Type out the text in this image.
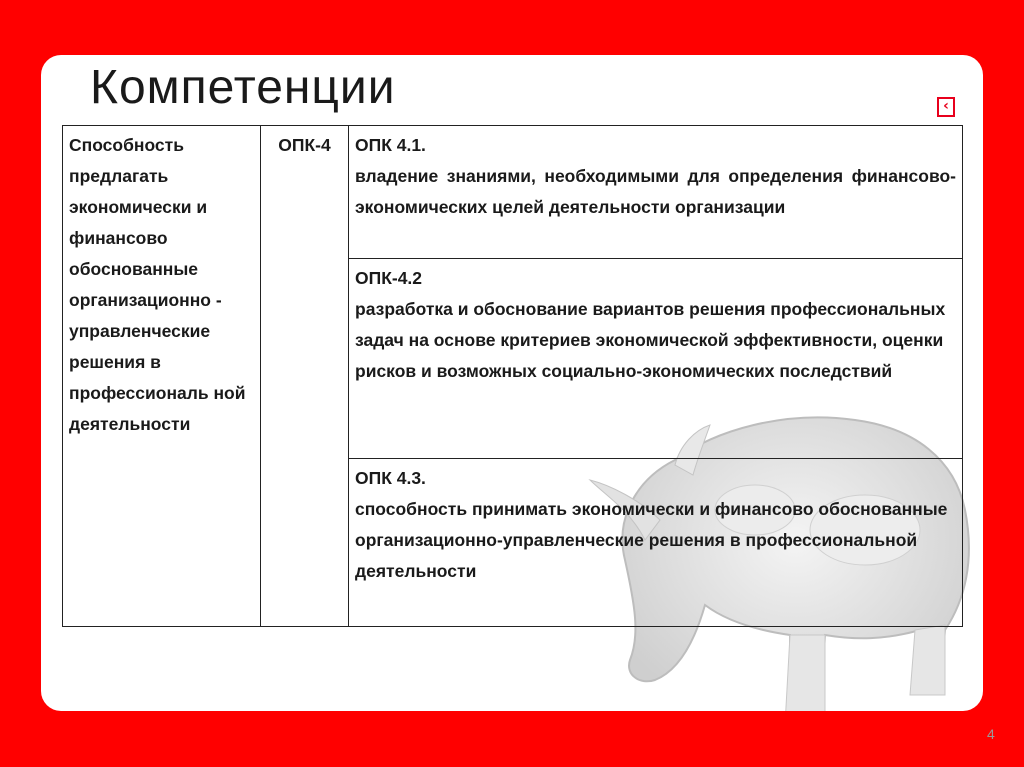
Компетенции	‹
Способность предлагать экономически и финансово обоснованные организационно - управленческие решения в профессиональ ной деятельности	ОПК-4	ОПК 4.1.
владение знаниями, необходимыми для определения финансово-экономических целей деятельности организации

ОПК-4.2
разработка и обоснование вариантов решения профессиональных задач на основе критериев экономической эффективности, оценки рисков и возможных социально-экономических последствий

ОПК 4.3.
способность принимать экономически и финансово обоснованные организационно-управленческие решения в профессиональной деятельности
4
